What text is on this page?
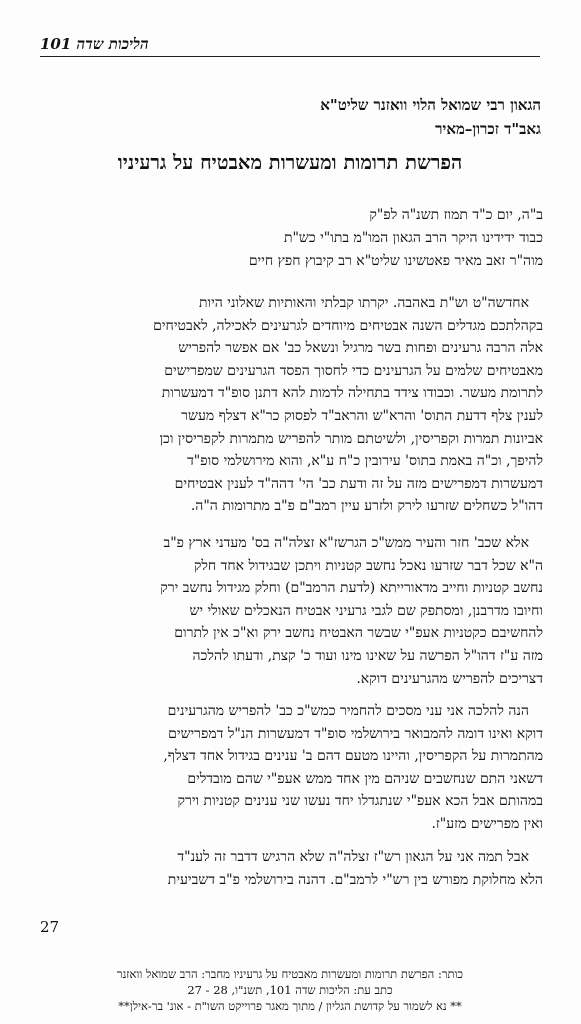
הליכות שדה 101
הגאון רבי שמואל הלוי וואזנר שליט"א
גאב"ד זכרון–מאיר
הפרשת תרומות ומעשרות מאבטיח על גרעיניו
ב"ה, יום כ"ד תמוז תשנ"ה לפ"ק
כבוד ידידינו היקר הרב הגאון המו"מ בתו"י כש"ת
מוה"ר זאב מאיר פאטשינו שליט"א רב קיבוץ חפץ חיים
אחדשה"ט וש"ת באהבה. יקרתו קבלתי והאותיות שאלוני היות
בקהלתכם מגדלים השנה אבטיחים מיוחדים לגרעינים לאכילה, לאבטיחים
אלה הרבה גרעינים ופחות בשר מרגיל ונשאל כב' אם אפשר להפריש
מאבטיחים שלמים על הגרעינים כדי לחסוך הפסד הגרעינים שמפרישים
לתרומת מעשר. וכבודו צידד בתחילה לדמות להא דתנן סופ"ד דמעשרות
לענין צלף דדעת התוס' והרא"ש והראב"ד לפסוק כר"א דצלף מעשר
אביונות תמרות וקפריסין, ולשיטתם מותר להפריש מתמרות לקפריסין וכן
להיפך, וכ"ה באמת בתוס' עירובין כ"ח ע"א, והוא מירושלמי סופ"ד
דמעשרות דמפרישים מזה על זה ודעת כב' הי' דהה"ד לענין אבטיחים
דהו"ל כשחלים שזרעו לירק ולזרע עיין רמב"ם פ"ב מתרומות ה"ה.
אלא שכב' חזר והעיר ממש"כ הגרשז"א זצלה"ה בס' מעדני ארץ פ"ב
ה"א שכל דבר שזרעו נאכל נחשב קטניות ויתכן שבגידול אחד חלק
נחשב קטניות וחייב מדאורייתא (לדעת הרמב"ם) וחלק מגידול נחשב ירק
וחיובו מדרבנן, ומסתפק שם לגבי גרעיני אבטיח הנאכלים שאולי יש
להחשיבם כקטניות אעפ"י שבשר האבטיח נחשב ירק וא"כ אין לתרום
מזה ע"ז דהו"ל הפרשה על שאינו מינו ועוד כ' קצת, ודעתו להלכה
דצריכים להפריש מהגרעינים דוקא.
הנה להלכה אני עני מסכים להחמיר כמש"כ כב' להפריש מהגרעינים
דוקא ואינו דומה להמבואר בירושלמי סופ"ד דמעשרות הנ"ל דמפרישים
מהתמרות על הקפריסין, והיינו מטעם דהם ב' ענינים בגידול אחד דצלף,
דשאני התם שנחשבים שניהם מין אחד ממש אעפ"י שהם מובדלים
במהותם אבל הכא אעפ"י שנתגדלו יחד נעשו שני ענינים קטניות וירק
ואין מפרישים מזע"ז.
אבל תמה אני על הגאון רש"ז זצלה"ה שלא הרגיש דדבר זה לענ"ד
הלא מחלוקת מפורש בין רש"י לרמב"ם. דהנה בירושלמי פ"ב דשביעית
27
כותר: הפרשת תרומות ומעשרות מאבטיח על גרעיניו מחבר: הרב שמואל וואזנר
כתב עת: הליכות שדה 101, תשנ"ו, 28 - 27
** נא לשמור על קדושת הגליון / מתוך מאגר פרוייקט השו"ת - אונ' בר-אילן**
